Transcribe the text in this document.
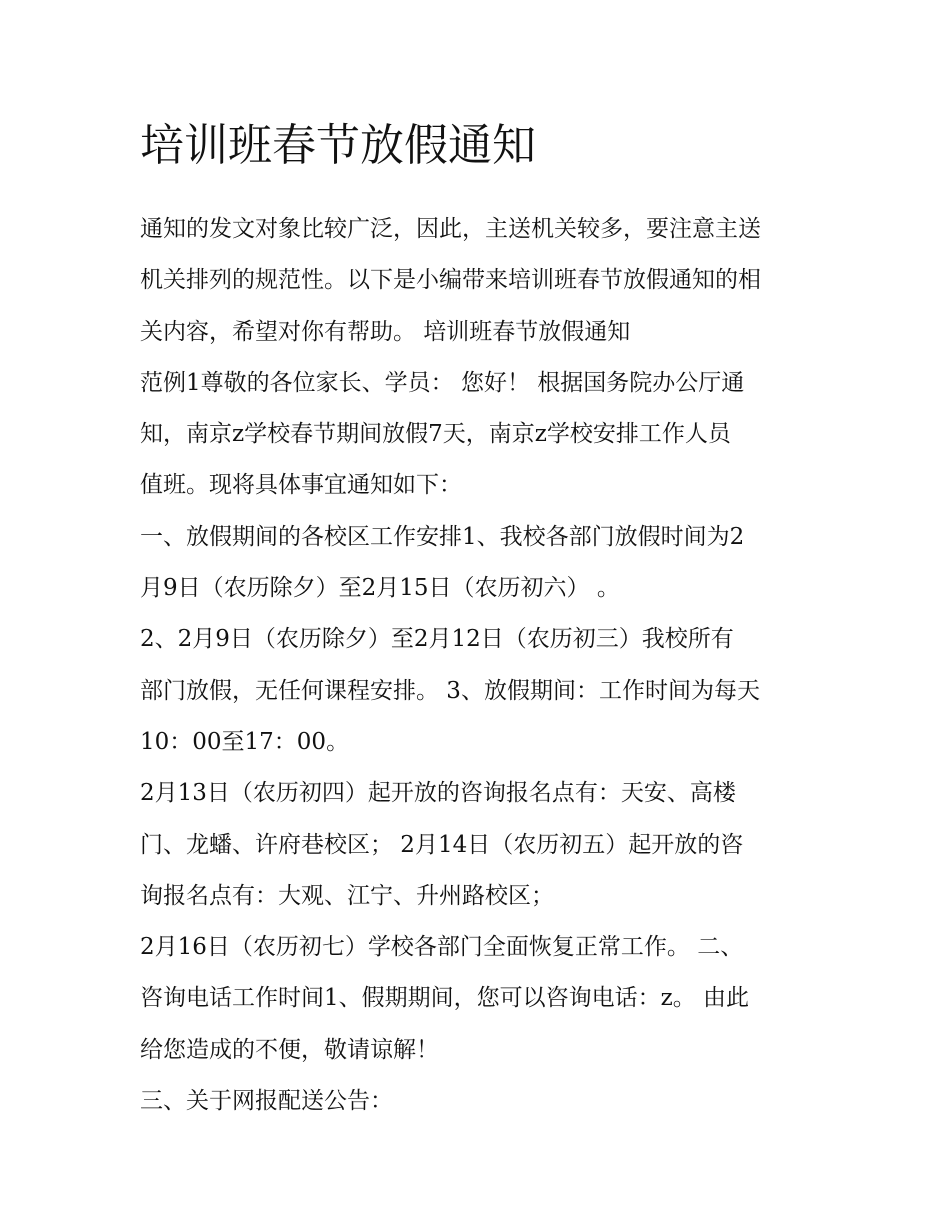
培训班春节放假通知

通知的发文对象比较广泛，因此，主送机关较多，要注意主送

机关排列的规范性。以下是小编带来培训班春节放假通知的相

关内容，希望对你有帮助。 培训班春节放假通知

范例1尊敬的各位家长、学员： 您好！ 根据国务院办公厅通

知，南京z学校春节期间放假7天，南京z学校安排工作人员

值班。现将具体事宜通知如下：

一、放假期间的各校区工作安排1、我校各部门放假时间为2

月9日（农历除夕）至2月15日（农历初六） 。

2、2月9日（农历除夕）至2月12日（农历初三）我校所有

部门放假，无任何课程安排。 3、放假期间：工作时间为每天

10：00至17：00。

2月13日（农历初四）起开放的咨询报名点有：天安、高楼

门、龙蟠、许府巷校区； 2月14日（农历初五）起开放的咨

询报名点有：大观、江宁、升州路校区；

2月16日（农历初七）学校各部门全面恢复正常工作。 二、

咨询电话工作时间1、假期期间，您可以咨询电话：z。 由此

给您造成的不便，敬请谅解！

三、关于网报配送公告：
